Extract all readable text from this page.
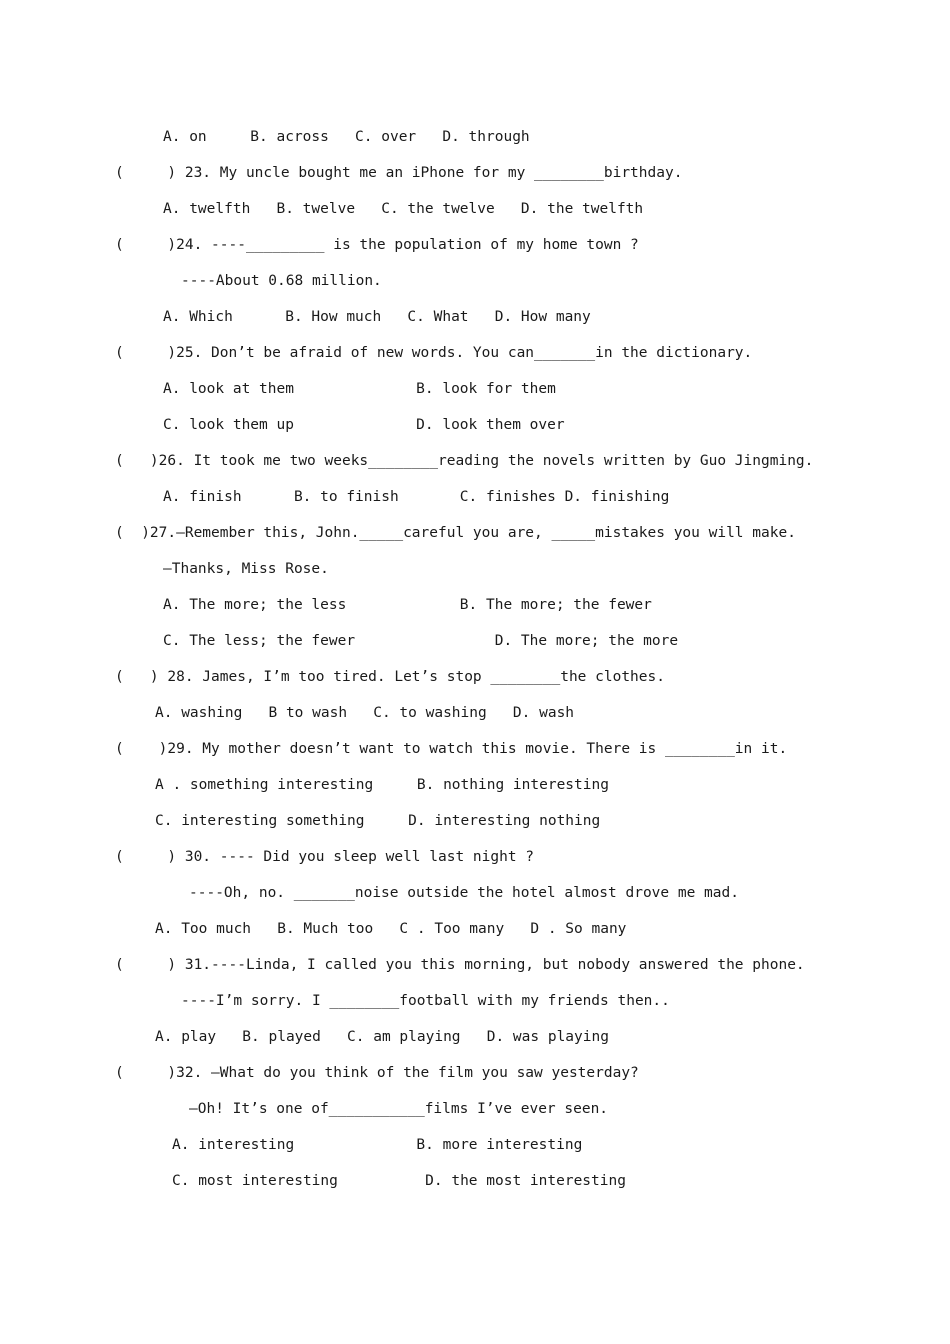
A. on     B. across   C. over   D. through
(     ) 23. My uncle bought me an iPhone for my ________birthday.
A. twelfth   B. twelve   C. the twelve   D. the twelfth
(     )24. ----_________ is the population of my home town ?
----About 0.68 million.
A. Which      B. How much   C. What   D. How many
(     )25. Don’t be afraid of new words. You can_______in the dictionary.
A. look at them              B. look for them
C. look them up              D. look them over
(   )26. It took me two weeks________reading the novels written by Guo Jingming.
A. finish      B. to finish       C. finishes D. finishing
(  )27.—Remember this, John._____careful you are, _____mistakes you will make.
—Thanks, Miss Rose.
A. The more; the less             B. The more; the fewer
C. The less; the fewer                D. The more; the more
(   ) 28. James, I’m too tired. Let’s stop ________the clothes.
A. washing   B to wash   C. to washing   D. wash
(    )29. My mother doesn’t want to watch this movie. There is ________in it.
A . something interesting     B. nothing interesting
C. interesting something     D. interesting nothing
(     ) 30. ---- Did you sleep well last night ?
----Oh, no. _______noise outside the hotel almost drove me mad.
A. Too much   B. Much too   C . Too many   D . So many
(     ) 31.----Linda, I called you this morning, but nobody answered the phone.
----I’m sorry. I ________football with my friends then..
A. play   B. played   C. am playing   D. was playing
(     )32. —What do you think of the film you saw yesterday?
—Oh! It’s one of___________films I’ve ever seen.
A. interesting              B. more interesting
C. most interesting          D. the most interesting
